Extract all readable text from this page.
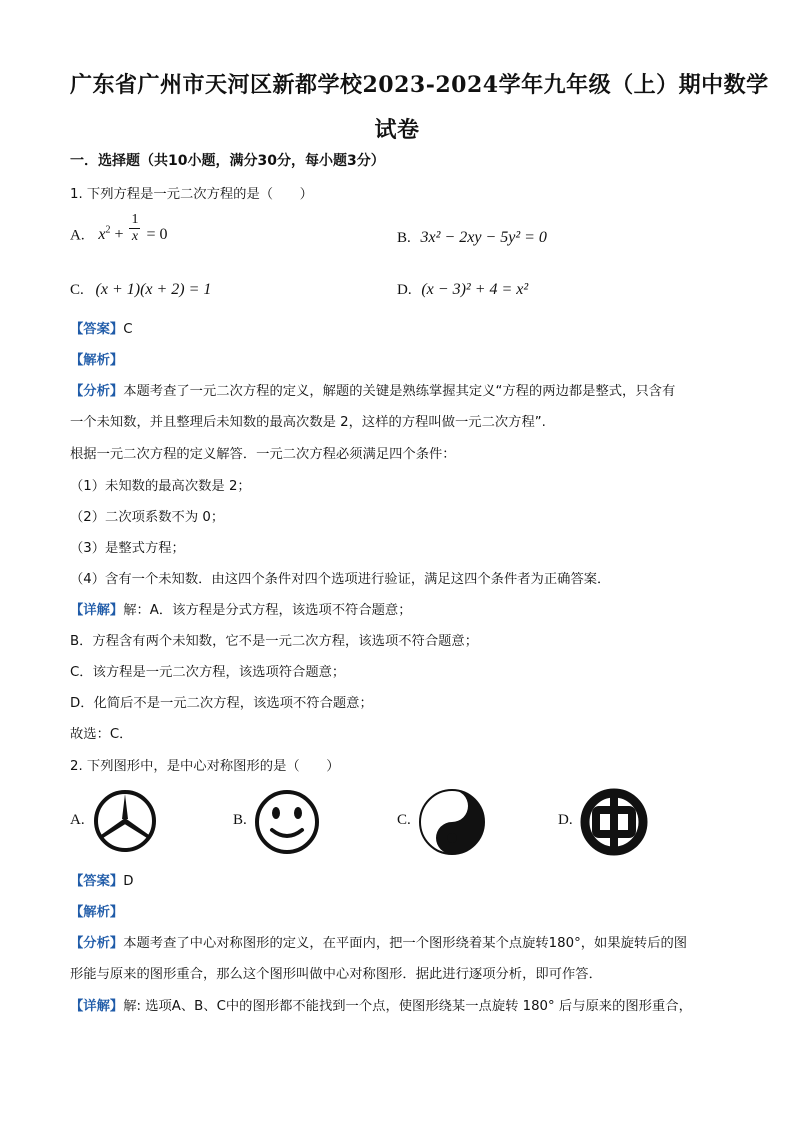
广东省广州市天河区新都学校2023-2024学年九年级（上）期中数学
试卷
一．选择题（共10小题，满分30分，每小题3分）
1. 下列方程是一元二次方程的是（　　）
A. $x^2 + \frac{1}{x} = 0$	B. 3x² − 2xy − 5y² = 0
C. (x + 1)(x + 2) = 1	D. (x − 3)² + 4 = x²
【答案】C
【解析】
【分析】本题考查了一元二次方程的定义，解题的关键是熟练掌握其定义“方程的两边都是整式，只含有
一个未知数，并且整理后未知数的最高次数是 2，这样的方程叫做一元二次方程”.
根据一元二次方程的定义解答．一元二次方程必须满足四个条件：
（1）未知数的最高次数是 2；
（2）二次项系数不为 0；
（3）是整式方程；
（4）含有一个未知数．由这四个条件对四个选项进行验证，满足这四个条件者为正确答案．
【详解】解：A．该方程是分式方程，该选项不符合题意；
B．方程含有两个未知数，它不是一元二次方程，该选项不符合题意；
C．该方程是一元二次方程，该选项符合题意；
D．化简后不是一元二次方程，该选项不符合题意；
故选：C．
2. 下列图形中，是中心对称图形的是（　　）
A.	B.	C.	D.
【答案】D
【解析】
【分析】本题考查了中心对称图形的定义，在平面内，把一个图形绕着某个点旋转180°，如果旋转后的图
形能与原来的图形重合，那么这个图形叫做中心对称图形．据此进行逐项分析，即可作答．
【详解】解: 选项A、B、C中的图形都不能找到一个点，使图形绕某一点旋转 180° 后与原来的图形重合，
